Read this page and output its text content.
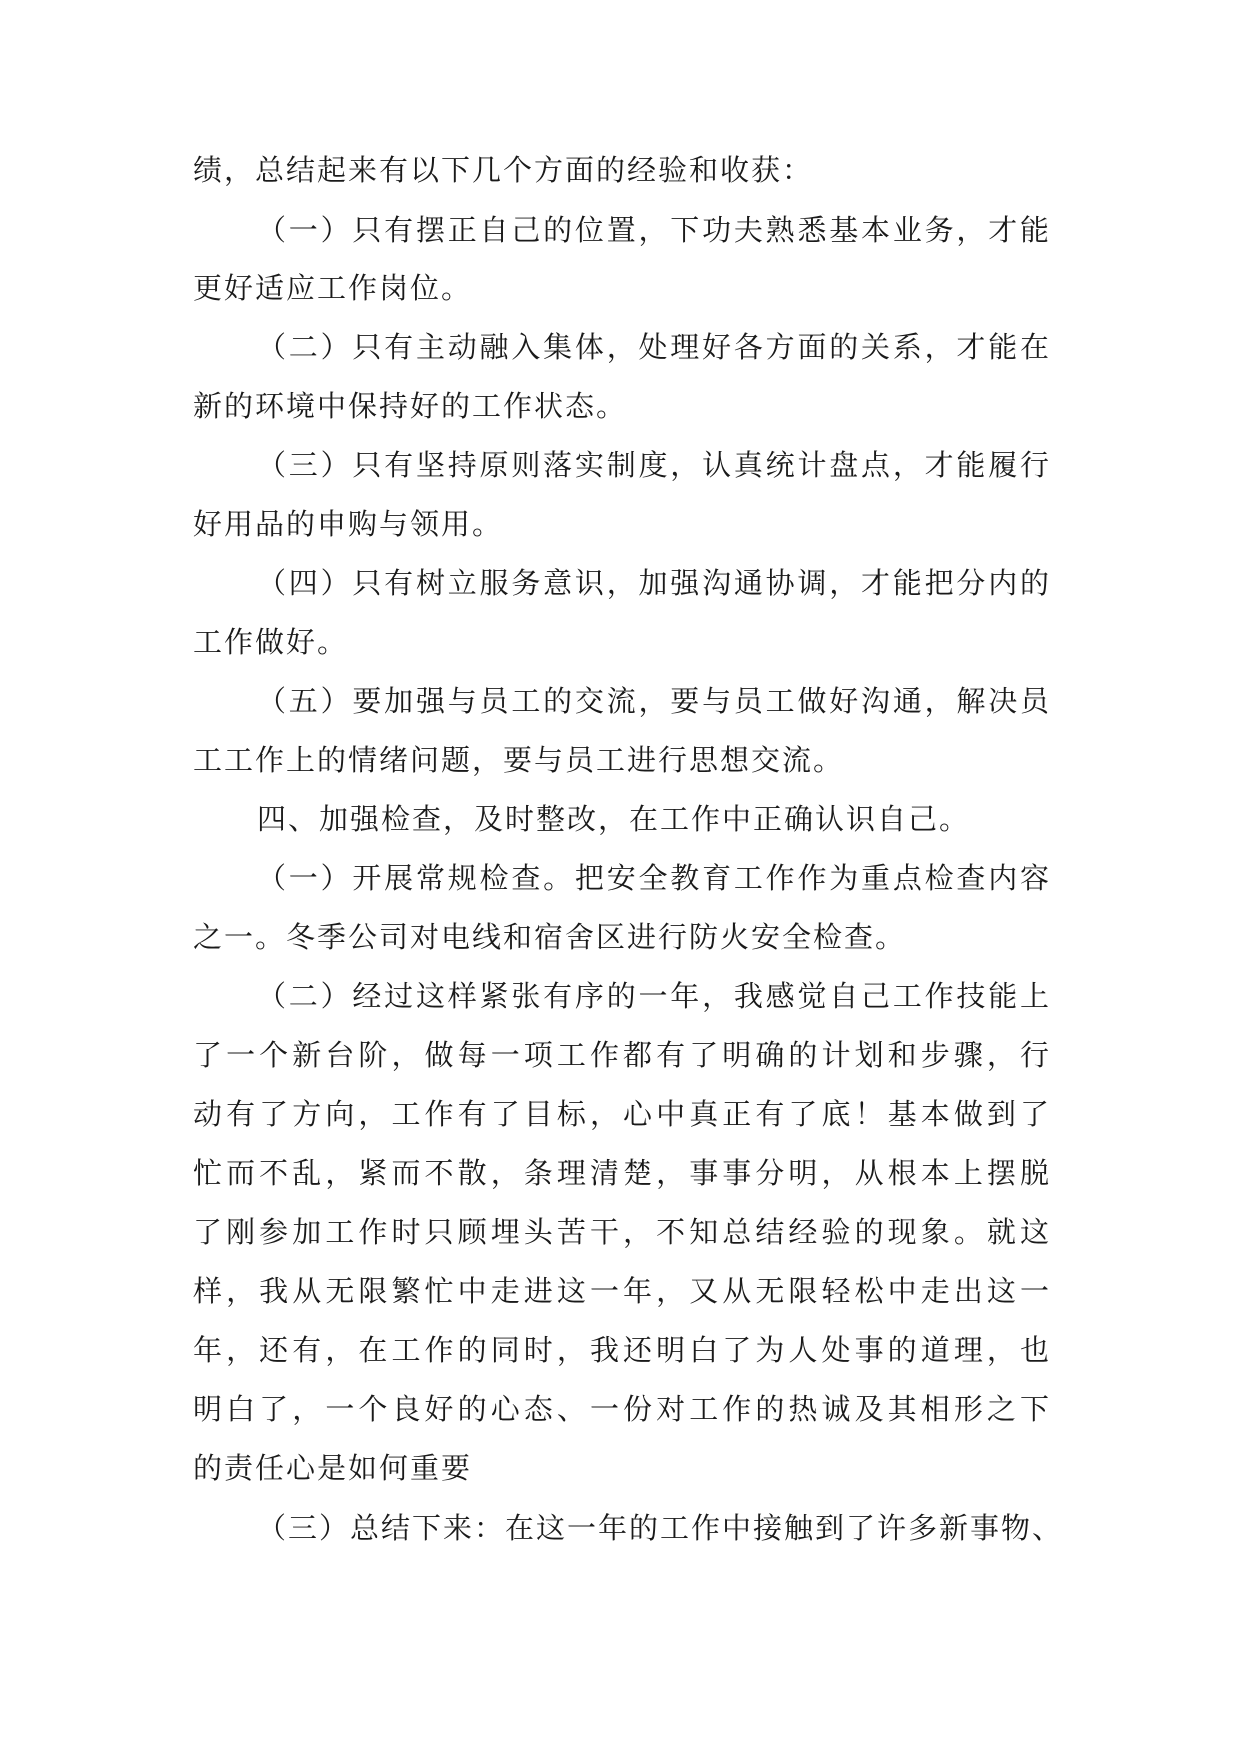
绩，总结起来有以下几个方面的经验和收获：
（一）只有摆正自己的位置，下功夫熟悉基本业务，才能
更好适应工作岗位。
（二）只有主动融入集体，处理好各方面的关系，才能在
新的环境中保持好的工作状态。
（三）只有坚持原则落实制度，认真统计盘点，才能履行
好用品的申购与领用。
（四）只有树立服务意识，加强沟通协调，才能把分内的
工作做好。
（五）要加强与员工的交流，要与员工做好沟通，解决员
工工作上的情绪问题，要与员工进行思想交流。
四、加强检查，及时整改，在工作中正确认识自己。
（一）开展常规检查。把安全教育工作作为重点检查内容
之一。冬季公司对电线和宿舍区进行防火安全检查。
（二）经过这样紧张有序的一年，我感觉自己工作技能上
了一个新台阶，做每一项工作都有了明确的计划和步骤，行
动有了方向，工作有了目标，心中真正有了底！基本做到了
忙而不乱，紧而不散，条理清楚，事事分明，从根本上摆脱
了刚参加工作时只顾埋头苦干，不知总结经验的现象。就这
样，我从无限繁忙中走进这一年，又从无限轻松中走出这一
年，还有，在工作的同时，我还明白了为人处事的道理，也
明白了，一个良好的心态、一份对工作的热诚及其相形之下
的责任心是如何重要
（三）总结下来：在这一年的工作中接触到了许多新事物、
